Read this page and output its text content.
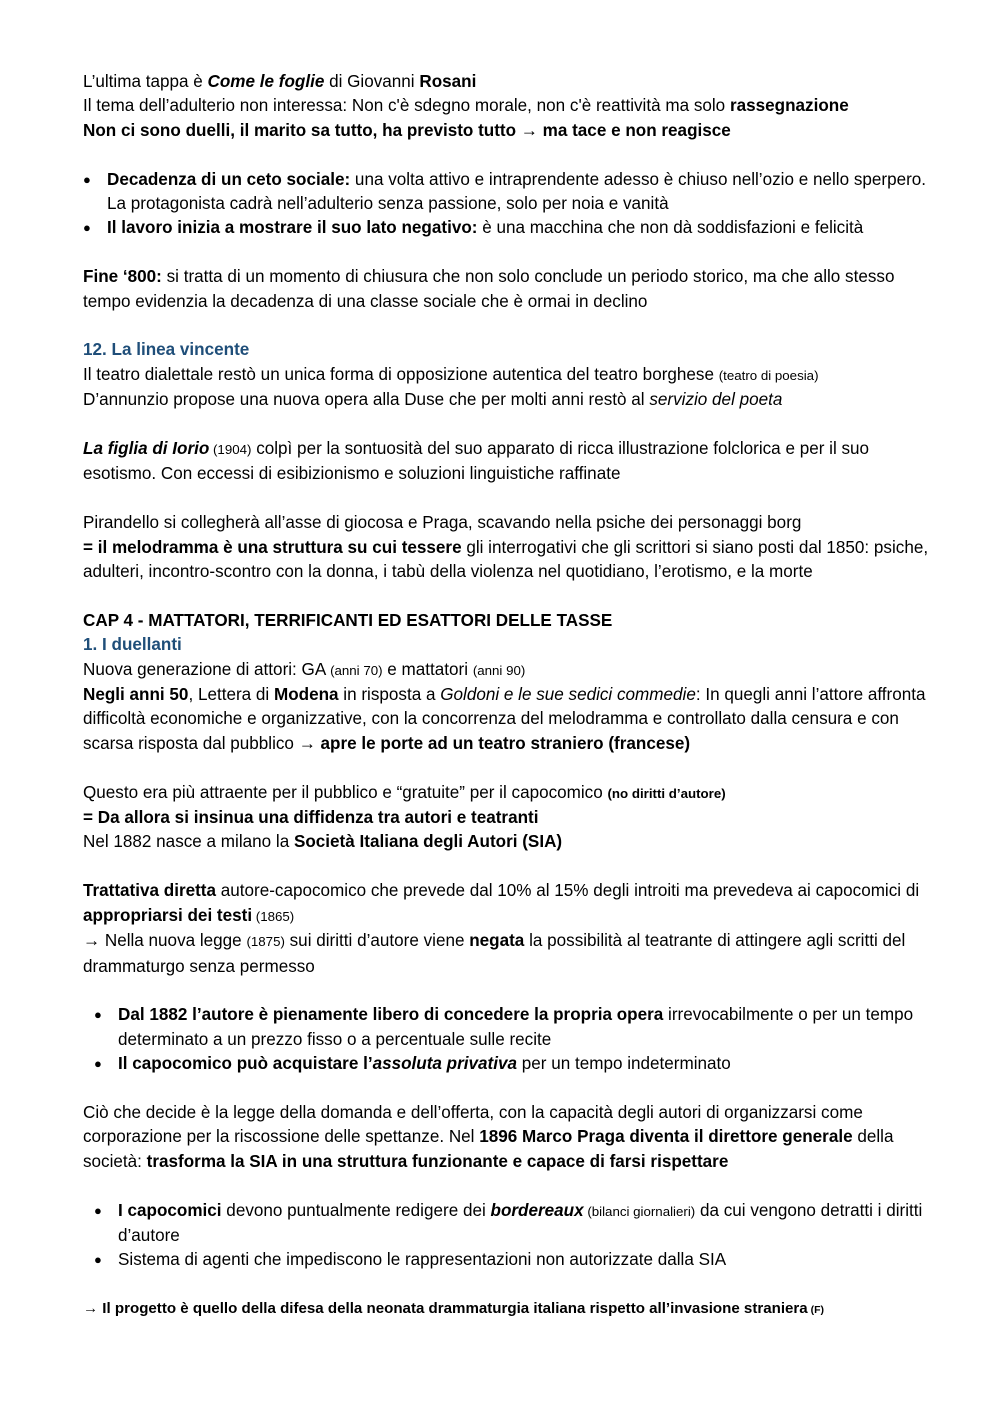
L’ultima tappa è Come le foglie di Giovanni Rosani

Il tema dell’adulterio non interessa: Non c'è sdegno morale, non c'è reattività ma solo rassegnazione

Non ci sono duelli, il marito sa tutto, ha previsto tutto → ma tace e non reagisce

● Decadenza di un ceto sociale: una volta attivo e intraprendente adesso è chiuso nell’ozio e nello sperpero. La protagonista cadrà nell’adulterio senza passione, solo per noia e vanità
● Il lavoro inizia a mostrare il suo lato negativo: è una macchina che non dà soddisfazioni e felicità

Fine ‘800: si tratta di un momento di chiusura che non solo conclude un periodo storico, ma che allo stesso tempo evidenzia la decadenza di una classe sociale che è ormai in declino

12. La linea vincente

Il teatro dialettale restò un unica forma di opposizione autentica del teatro borghese (teatro di poesia)

D’annunzio propose una nuova opera alla Duse che per molti anni restò al servizio del poeta

La figlia di Iorio (1904) colpì per la sontuosità del suo apparato di ricca illustrazione folclorica e per il suo esotismo. Con eccessi di esibizionismo e soluzioni linguistiche raffinate

Pirandello si collegherà all’asse di giocosa e Praga, scavando nella psiche dei personaggi borg

= il melodramma è una struttura su cui tessere gli interrogativi che gli scrittori si siano posti dal 1850: psiche, adulteri, incontro-scontro con la donna, i tabù della violenza nel quotidiano, l’erotismo, e la morte

CAP 4 - MATTATORI, TERRIFICANTI ED ESATTORI DELLE TASSE

1. I duellanti

Nuova generazione di attori: GA (anni 70) e mattatori (anni 90)

Negli anni 50, Lettera di Modena in risposta a Goldoni e le sue sedici commedie: In quegli anni l’attore affronta difficoltà economiche e organizzative, con la concorrenza del melodramma e controllato dalla censura e con scarsa risposta dal pubblico → apre le porte ad un teatro straniero (francese)

Questo era più attraente per il pubblico e “gratuite” per il capocomico (no diritti d’autore)

= Da allora si insinua una diffidenza tra autori e teatranti

Nel 1882 nasce a milano la Società Italiana degli Autori (SIA)

Trattativa diretta autore-capocomico che prevede dal 10% al 15% degli introiti ma prevedeva ai capocomici di appropriarsi dei testi (1865)

→ Nella nuova legge (1875) sui diritti d’autore viene negata la possibilità al teatrante di attingere agli scritti del drammaturgo senza permesso

● Dal 1882 l’autore è pienamente libero di concedere la propria opera irrevocabilmente o per un tempo determinato a un prezzo fisso o a percentuale sulle recite
● Il capocomico può acquistare l’assoluta privativa per un tempo indeterminato

Ciò che decide è la legge della domanda e dell’offerta, con la capacità degli autori di organizzarsi come corporazione per la riscossione delle spettanze. Nel 1896 Marco Praga diventa il direttore generale della società: trasforma la SIA in una struttura funzionante e capace di farsi rispettare

● I capocomici devono puntualmente redigere dei bordereaux (bilanci giornalieri) da cui vengono detratti i diritti d’autore
● Sistema di agenti che impediscono le rappresentazioni non autorizzate dalla SIA

→ Il progetto è quello della difesa della neonata drammaturgia italiana rispetto all’invasione straniera (F)
